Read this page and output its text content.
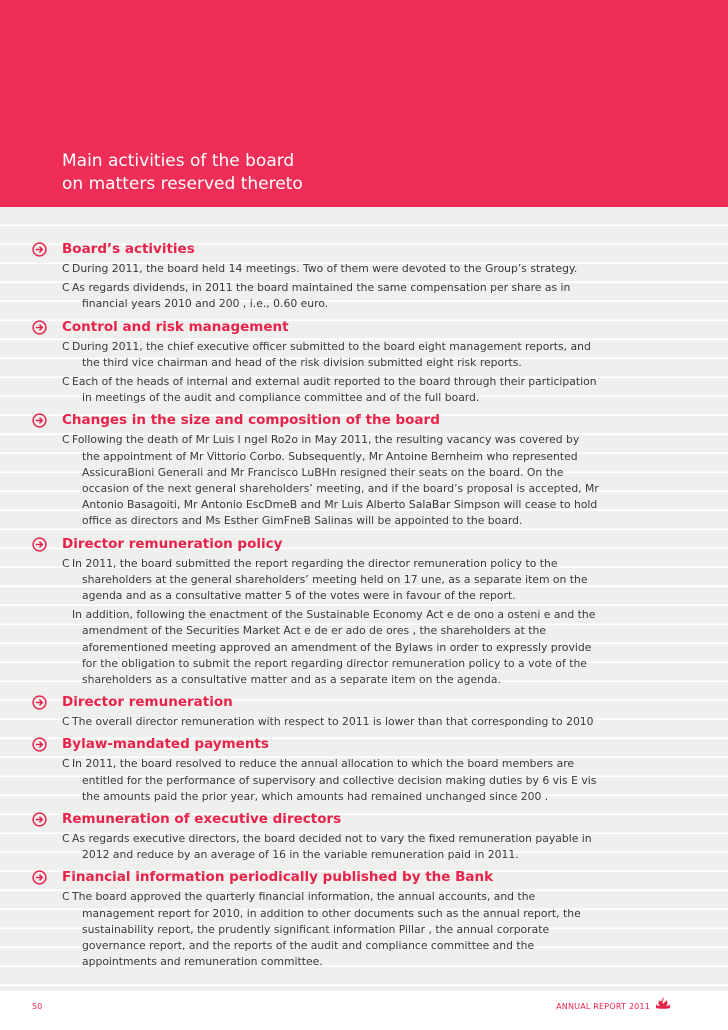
Main activities of the board
on matters reserved thereto
Board’s activities
C During 2011, the board held 14 meetings. Two of them were devoted to the Group’s strategy.
C As regards dividends, in 2011 the board maintained the same compensation per share as in financial years 2010 and 200 , i.e., 0.60 euro.
Control and risk management
C During 2011, the chief executive officer submitted to the board eight management reports, and the third vice chairman and head of the risk division submitted eight risk reports.
C Each of the heads of internal and external audit reported to the board through their participation in meetings of the audit and compliance committee and of the full board.
Changes in the size and composition of the board
C Following the death of Mr Luis I ngel Ro2o in May 2011, the resulting vacancy was covered by the appointment of Mr Vittorio Corbo. Subsequently, Mr Antoine Bernheim who represented AssicuraBioni Generali and Mr Francisco LuBHn resigned their seats on the board. On the occasion of the next general shareholders’ meeting, and if the board’s proposal is accepted, Mr Antonio Basagoiti, Mr Antonio EscDmeB and Mr Luis Alberto SalaBar Simpson will cease to hold office as directors and Ms Esther GimFneB Salinas will be appointed to the board.
Director remuneration policy
C In 2011, the board submitted the report regarding the director remuneration policy to the shareholders at the general shareholders’ meeting held on 17 une, as a separate item on the agenda and as a consultative matter 5 of the votes were in favour of the report.
In addition, following the enactment of the Sustainable Economy Act e de ono a osteni e and the amendment of the Securities Market Act e de er ado de ores , the shareholders at the aforementioned meeting approved an amendment of the Bylaws in order to expressly provide for the obligation to submit the report regarding director remuneration policy to a vote of the shareholders as a consultative matter and as a separate item on the agenda.
Director remuneration
C The overall director remuneration with respect to 2011 is lower than that corresponding to 2010
Bylaw-mandated payments
C In 2011, the board resolved to reduce the annual allocation to which the board members are entitled for the performance of supervisory and collective decision making duties by 6 vis E vis the amounts paid the prior year, which amounts had remained unchanged since 200 .
Remuneration of executive directors
C As regards executive directors, the board decided not to vary the fixed remuneration payable in 2012 and reduce by an average of 16 in the variable remuneration paid in 2011.
Financial information periodically published by the Bank
C The board approved the quarterly financial information, the annual accounts, and the management report for 2010, in addition to other documents such as the annual report, the sustainability report, the prudently significant information Pillar , the annual corporate governance report, and the reports of the audit and compliance committee and the appointments and remuneration committee.
50	ANNUAL REPORT 2011
